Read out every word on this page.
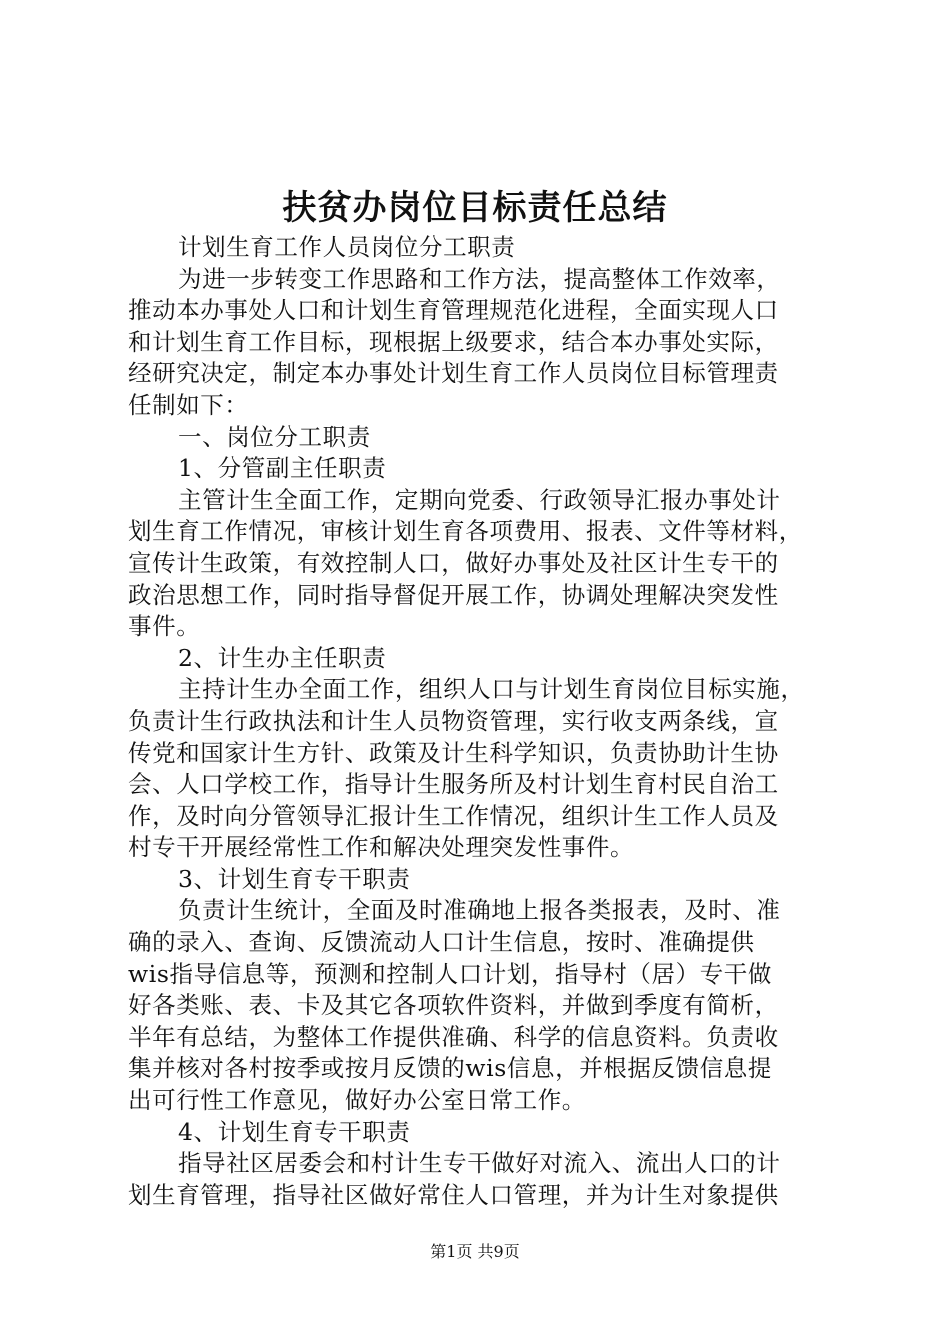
扶贫办岗位目标责任总结
计划生育工作人员岗位分工职责
为进一步转变工作思路和工作方法，提高整体工作效率，
推动本办事处人口和计划生育管理规范化进程，全面实现人口
和计划生育工作目标，现根据上级要求，结合本办事处实际，
经研究决定，制定本办事处计划生育工作人员岗位目标管理责
任制如下：
一、岗位分工职责
1、分管副主任职责
主管计生全面工作，定期向党委、行政领导汇报办事处计
划生育工作情况，审核计划生育各项费用、报表、文件等材料，
宣传计生政策，有效控制人口，做好办事处及社区计生专干的
政治思想工作，同时指导督促开展工作，协调处理解决突发性
事件。
2、计生办主任职责
主持计生办全面工作，组织人口与计划生育岗位目标实施，
负责计生行政执法和计生人员物资管理，实行收支两条线，宣
传党和国家计生方针、政策及计生科学知识，负责协助计生协
会、人口学校工作，指导计生服务所及村计划生育村民自治工
作，及时向分管领导汇报计生工作情况，组织计生工作人员及
村专干开展经常性工作和解决处理突发性事件。
3、计划生育专干职责
负责计生统计，全面及时准确地上报各类报表，及时、准
确的录入、查询、反馈流动人口计生信息，按时、准确提供
wis指导信息等，预测和控制人口计划，指导村（居）专干做
好各类账、表、卡及其它各项软件资料，并做到季度有简析，
半年有总结，为整体工作提供准确、科学的信息资料。负责收
集并核对各村按季或按月反馈的wis信息，并根据反馈信息提
出可行性工作意见，做好办公室日常工作。
4、计划生育专干职责
指导社区居委会和村计生专干做好对流入、流出人口的计
划生育管理，指导社区做好常住人口管理，并为计生对象提供
第1页 共9页
